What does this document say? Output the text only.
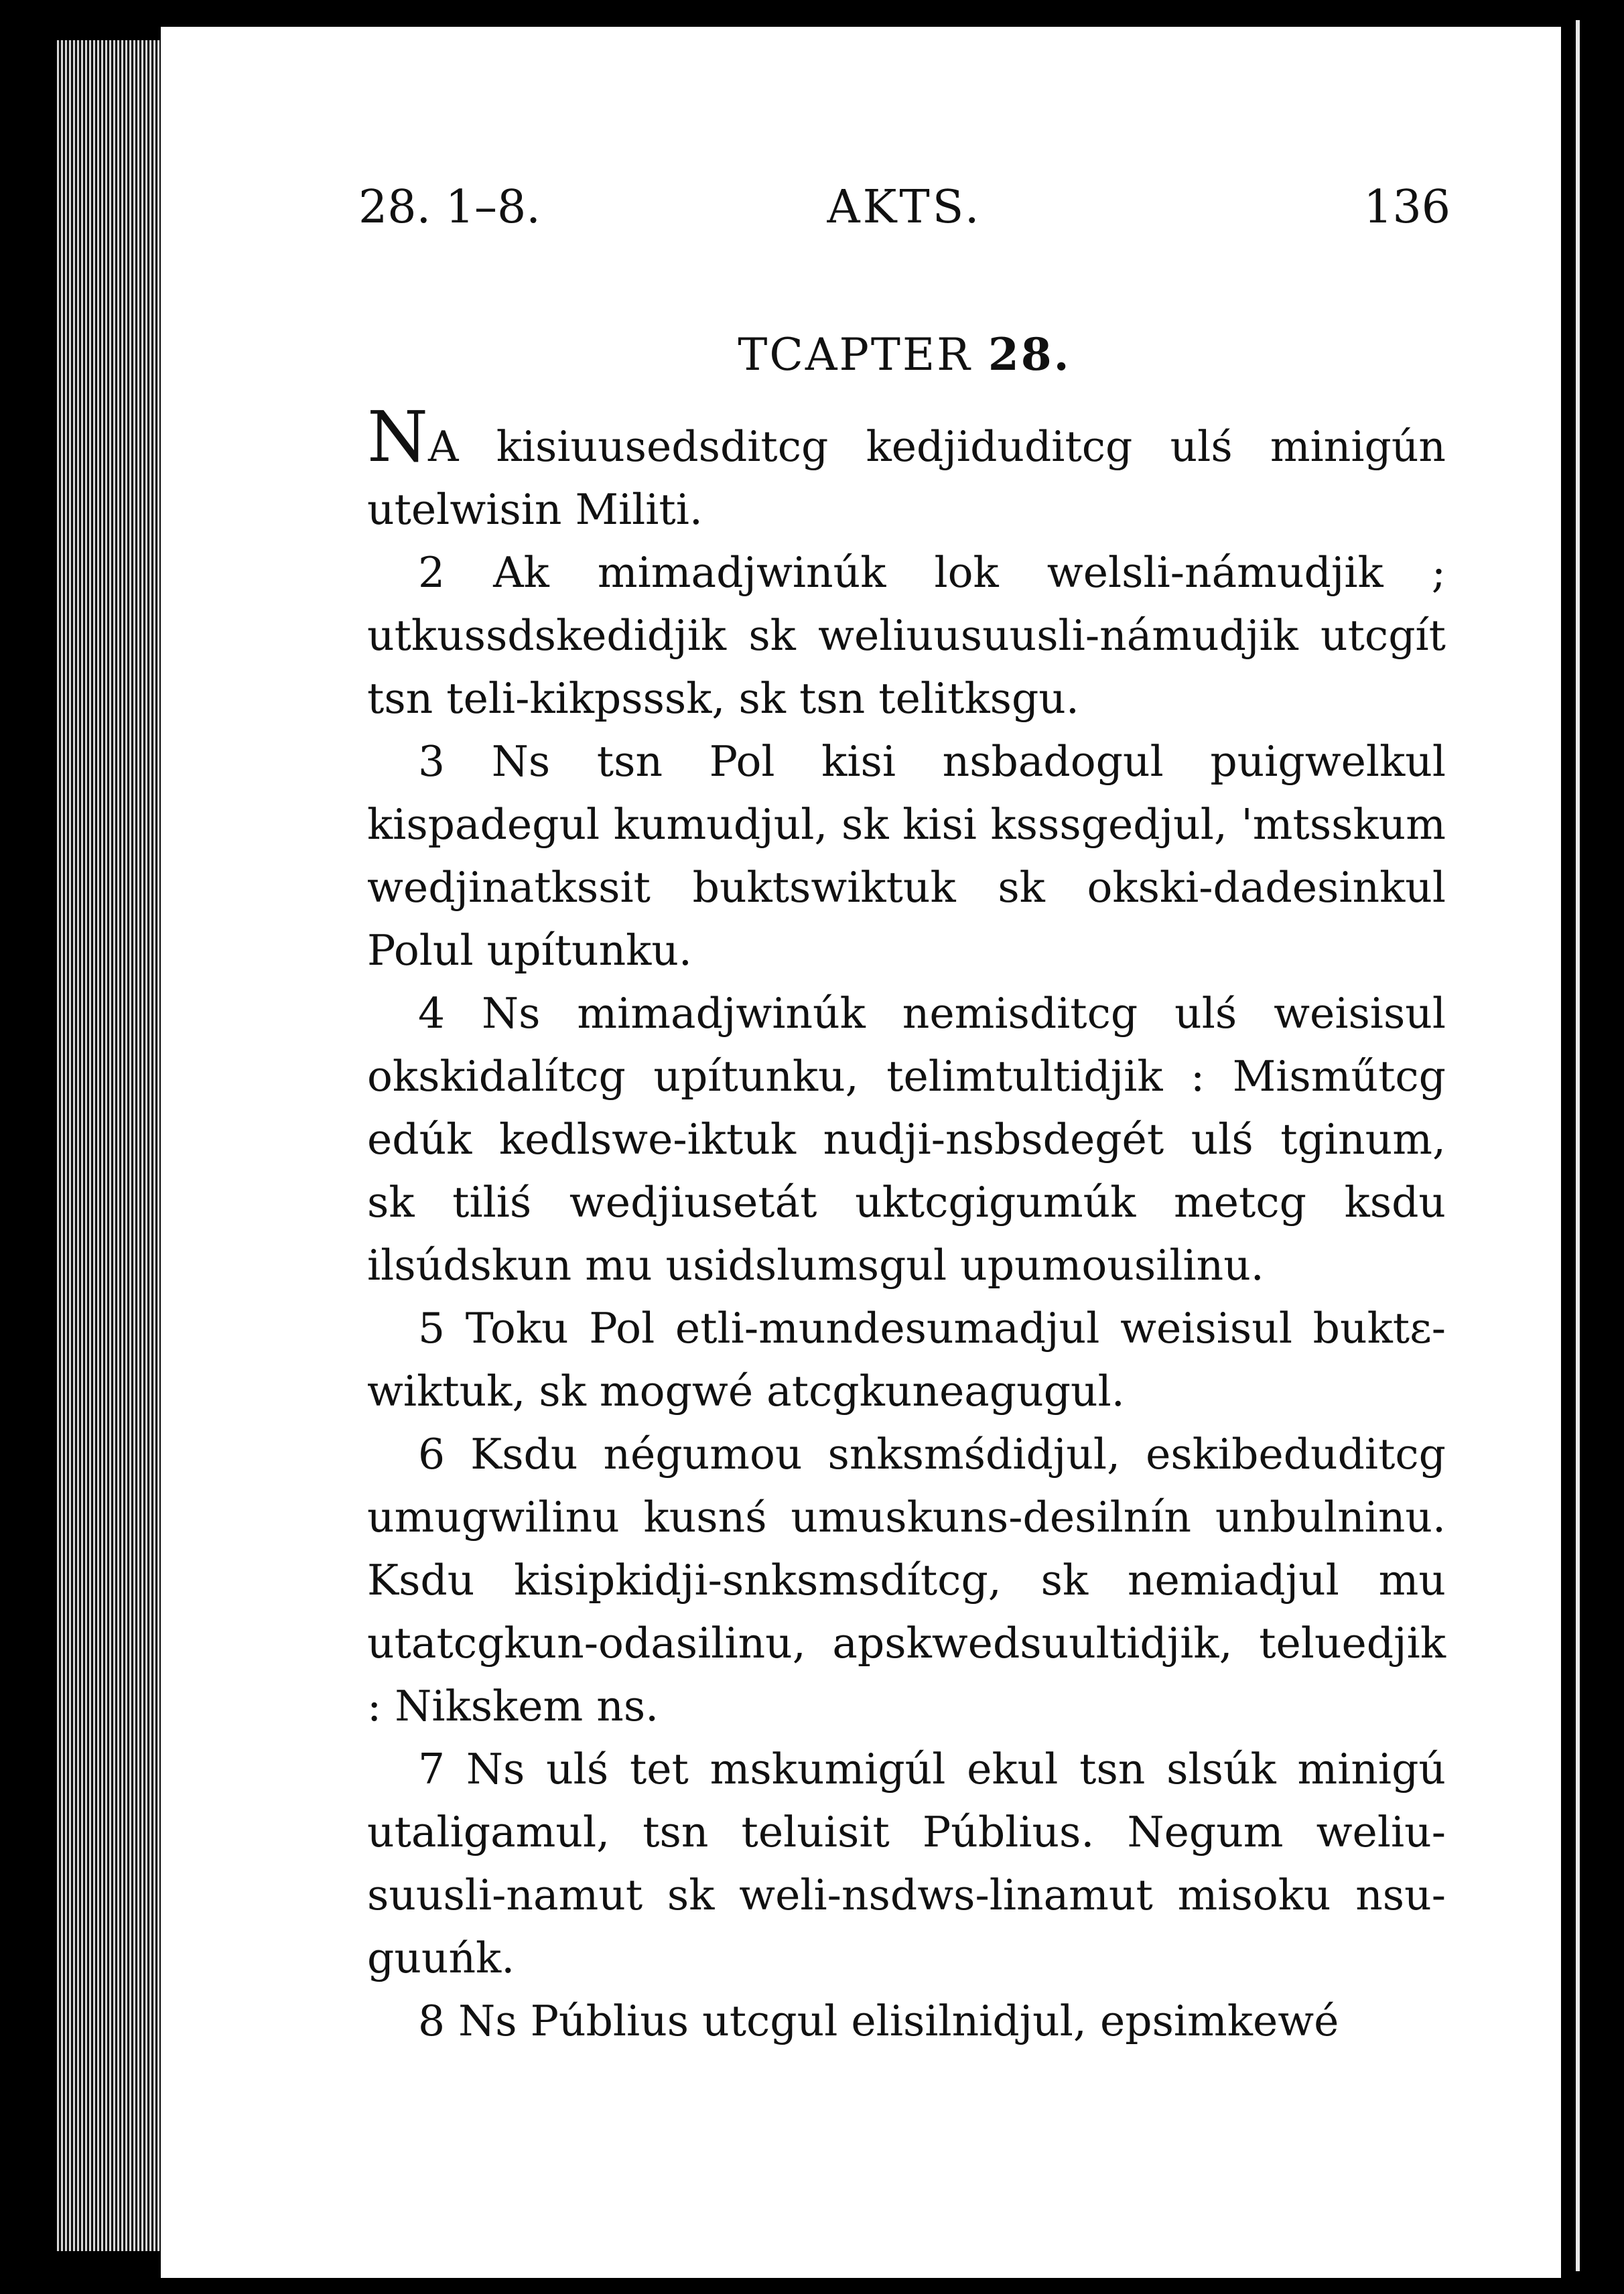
28. 1–8.	AKTS.	136
TCAPTER 28.

NA kisiuusedsditcg kedjiduditcg ulś minigún utelwisin Militi.

2 Ak mimadjwinúk lok welsli-námudjik ; utkussdskedidjik sk weliuusuusli-námudjik utcgít tsn teli-kikpsssk, sk tsn telitksgu.

3 Ns tsn Pol kisi nsbadogul puigwelkul kispadegul kumudjul, sk kisi ksssgedjul, 'mtsskum wedjinatkssit buktswiktuk sk okski-dadesinkul Polul upítunku.

4 Ns mimadjwinúk nemisditcg ulś weisisul okskidalítcg upítunku, telimtultidjik : Misműtcg edúk kedlswe-iktuk nudji-nsbsdegét ulś tginum, sk tiliś wedjiusetát uktcgigumúk metcg ksdu ilsúdskun mu usidslumsgul upumousilinu.

5 Toku Pol etli-mundesumadjul weisisul buktε-wiktuk, sk mogwé atcgkuneagugul.

6 Ksdu négumou snksmśdidjul, eskibeduditcg umugwilinu kusnś umuskuns-desilnín unbulninu. Ksdu kisipkidji-snksmsdítcg, sk nemiadjul mu utatcgkun-odasilinu, apskwedsuultidjik, teluedjik : Nikskem ns.

7 Ns ulś tet mskumigúl ekul tsn slsúk minigú utaligamul, tsn teluisit Públius. Negum weliu-suusli-namut sk weli-nsdws-linamut misoku nsu-guuńk.

8 Ns Públius utcgul elisilnidjul, epsimkewé
